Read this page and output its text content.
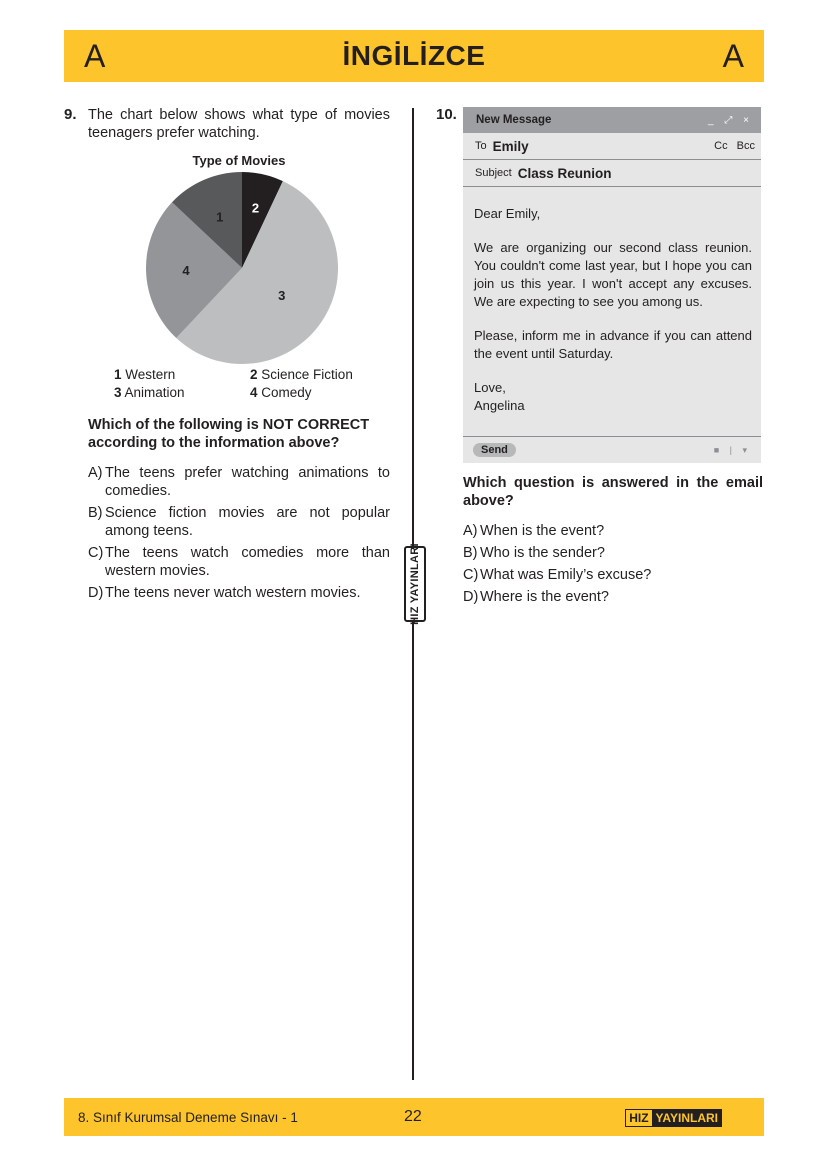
A	İNGİLİZCE	A
9. The chart below shows what type of movies teenagers prefer watching.
Type of Movies
2
3
4
1
1 Western
3 Animation
2 Science Fiction
4 Comedy
Which of the following is NOT CORRECT according to the information above?
A) The teens prefer watching animations to comedies.
B) Science fiction movies are not popular among teens.
C) The teens watch comedies more than western movies.
D) The teens never watch western movies.	HIZ YAYINLARI
10. New Message	_ ⤢ ×
To Emily	Cc Bcc
Subject Class Reunion

Dear Emily,

We are organizing our second class reunion. You couldn't come last year, but I hope you can join us this year. I won't accept any excuses. We are expecting to see you among us.

Please, inform me in advance if you can attend the event until Saturday.

Love,

Angelina

Send	■ | ▾
Which question is answered in the email above?
A) When is the event?
B) Who is the sender?
C) What was Emily’s excuse?
D) Where is the event?
8. Sınıf Kurumsal Deneme Sınavı - 1	22	HIZ YAYINLARI
